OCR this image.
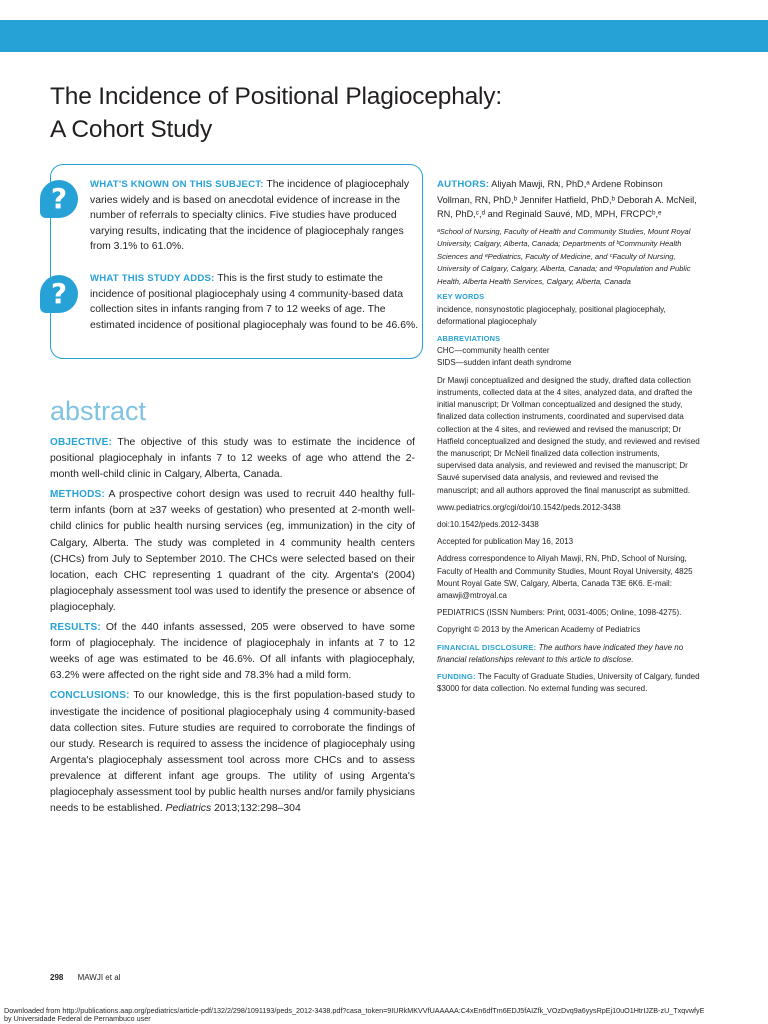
The Incidence of Positional Plagiocephaly:
A Cohort Study
?	WHAT'S KNOWN ON THIS SUBJECT: The incidence of plagiocephaly varies widely and is based on anecdotal evidence of increase in the number of referrals to specialty clinics. Five studies have produced varying results, indicating that the incidence of plagiocephaly ranges from 3.1% to 61.0%.
?	WHAT THIS STUDY ADDS: This is the first study to estimate the incidence of positional plagiocephaly using 4 community-based data collection sites in infants ranging from 7 to 12 weeks of age. The estimated incidence of positional plagiocephaly was found to be 46.6%.
abstract

OBJECTIVE: The objective of this study was to estimate the incidence of positional plagiocephaly in infants 7 to 12 weeks of age who attend the 2-month well-child clinic in Calgary, Alberta, Canada.

METHODS: A prospective cohort design was used to recruit 440 healthy full-term infants (born at ≥37 weeks of gestation) who presented at 2-month well-child clinics for public health nursing services (eg, immunization) in the city of Calgary, Alberta. The study was completed in 4 community health centers (CHCs) from July to September 2010. The CHCs were selected based on their location, each CHC representing 1 quadrant of the city. Argenta's (2004) plagiocephaly assessment tool was used to identify the presence or absence of plagiocephaly.

RESULTS: Of the 440 infants assessed, 205 were observed to have some form of plagiocephaly. The incidence of plagiocephaly in infants at 7 to 12 weeks of age was estimated to be 46.6%. Of all infants with plagiocephaly, 63.2% were affected on the right side and 78.3% had a mild form.

CONCLUSIONS: To our knowledge, this is the first population-based study to investigate the incidence of positional plagiocephaly using 4 community-based data collection sites. Future studies are required to corroborate the findings of our study. Research is required to assess the incidence of plagiocephaly using Argenta's plagiocephaly assessment tool across more CHCs and to assess prevalence at different infant age groups. The utility of using Argenta's plagiocephaly assessment tool by public health nurses and/or family physicians needs to be established. Pediatrics 2013;132:298–304

AUTHORS: Aliyah Mawji, RN, PhD,ᵃ Ardene Robinson Vollman, RN, PhD,ᵇ Jennifer Hatfield, PhD,ᵇ Deborah A. McNeil, RN, PhD,ᶜ,ᵈ and Reginald Sauvé, MD, MPH, FRCPCᵇ,ᵉ

ᵃSchool of Nursing, Faculty of Health and Community Studies, Mount Royal University, Calgary, Alberta, Canada; Departments of ᵇCommunity Health Sciences and ᵉPediatrics, Faculty of Medicine, and ᶜFaculty of Nursing, University of Calgary, Calgary, Alberta, Canada; and ᵈPopulation and Public Health, Alberta Health Services, Calgary, Alberta, Canada

KEY WORDS

incidence, nonsynostotic plagiocephaly, positional plagiocephaly, deformational plagiocephaly

ABBREVIATIONS

CHC—community health center

SIDS—sudden infant death syndrome

Dr Mawji conceptualized and designed the study, drafted data collection instruments, collected data at the 4 sites, analyzed data, and drafted the initial manuscript; Dr Vollman conceptualized and designed the study, finalized data collection instruments, coordinated and supervised data collection at the 4 sites, and reviewed and revised the manuscript; Dr Hatfield conceptualized and designed the study, and reviewed and revised the manuscript; Dr McNeil finalized data collection instruments, supervised data analysis, and reviewed and revised the manuscript; Dr Sauvé supervised data analysis, and reviewed and revised the manuscript; and all authors approved the final manuscript as submitted.

www.pediatrics.org/cgi/doi/10.1542/peds.2012-3438

doi:10.1542/peds.2012-3438

Accepted for publication May 16, 2013

Address correspondence to Aliyah Mawji, RN, PhD, School of Nursing, Faculty of Health and Community Studies, Mount Royal University, 4825 Mount Royal Gate SW, Calgary, Alberta, Canada T3E 6K6. E-mail: amawji@mtroyal.ca

PEDIATRICS (ISSN Numbers: Print, 0031-4005; Online, 1098-4275).

Copyright © 2013 by the American Academy of Pediatrics

FINANCIAL DISCLOSURE: The authors have indicated they have no financial relationships relevant to this article to disclose.

FUNDING: The Faculty of Graduate Studies, University of Calgary, funded $3000 for data collection. No external funding was secured.

298 MAWJI et al
Downloaded from http://publications.aap.org/pediatrics/article-pdf/132/2/298/1091193/peds_2012-3438.pdf?casa_token=9IURkMKVVfUAAAAA:C4xEn6dfTm6EDJ5fAIZfk_VOzDvq9a6yysRpEj10uO1HtrIJZB-zU_TxqvwfyE
by Universidade Federal de Pernambuco user
